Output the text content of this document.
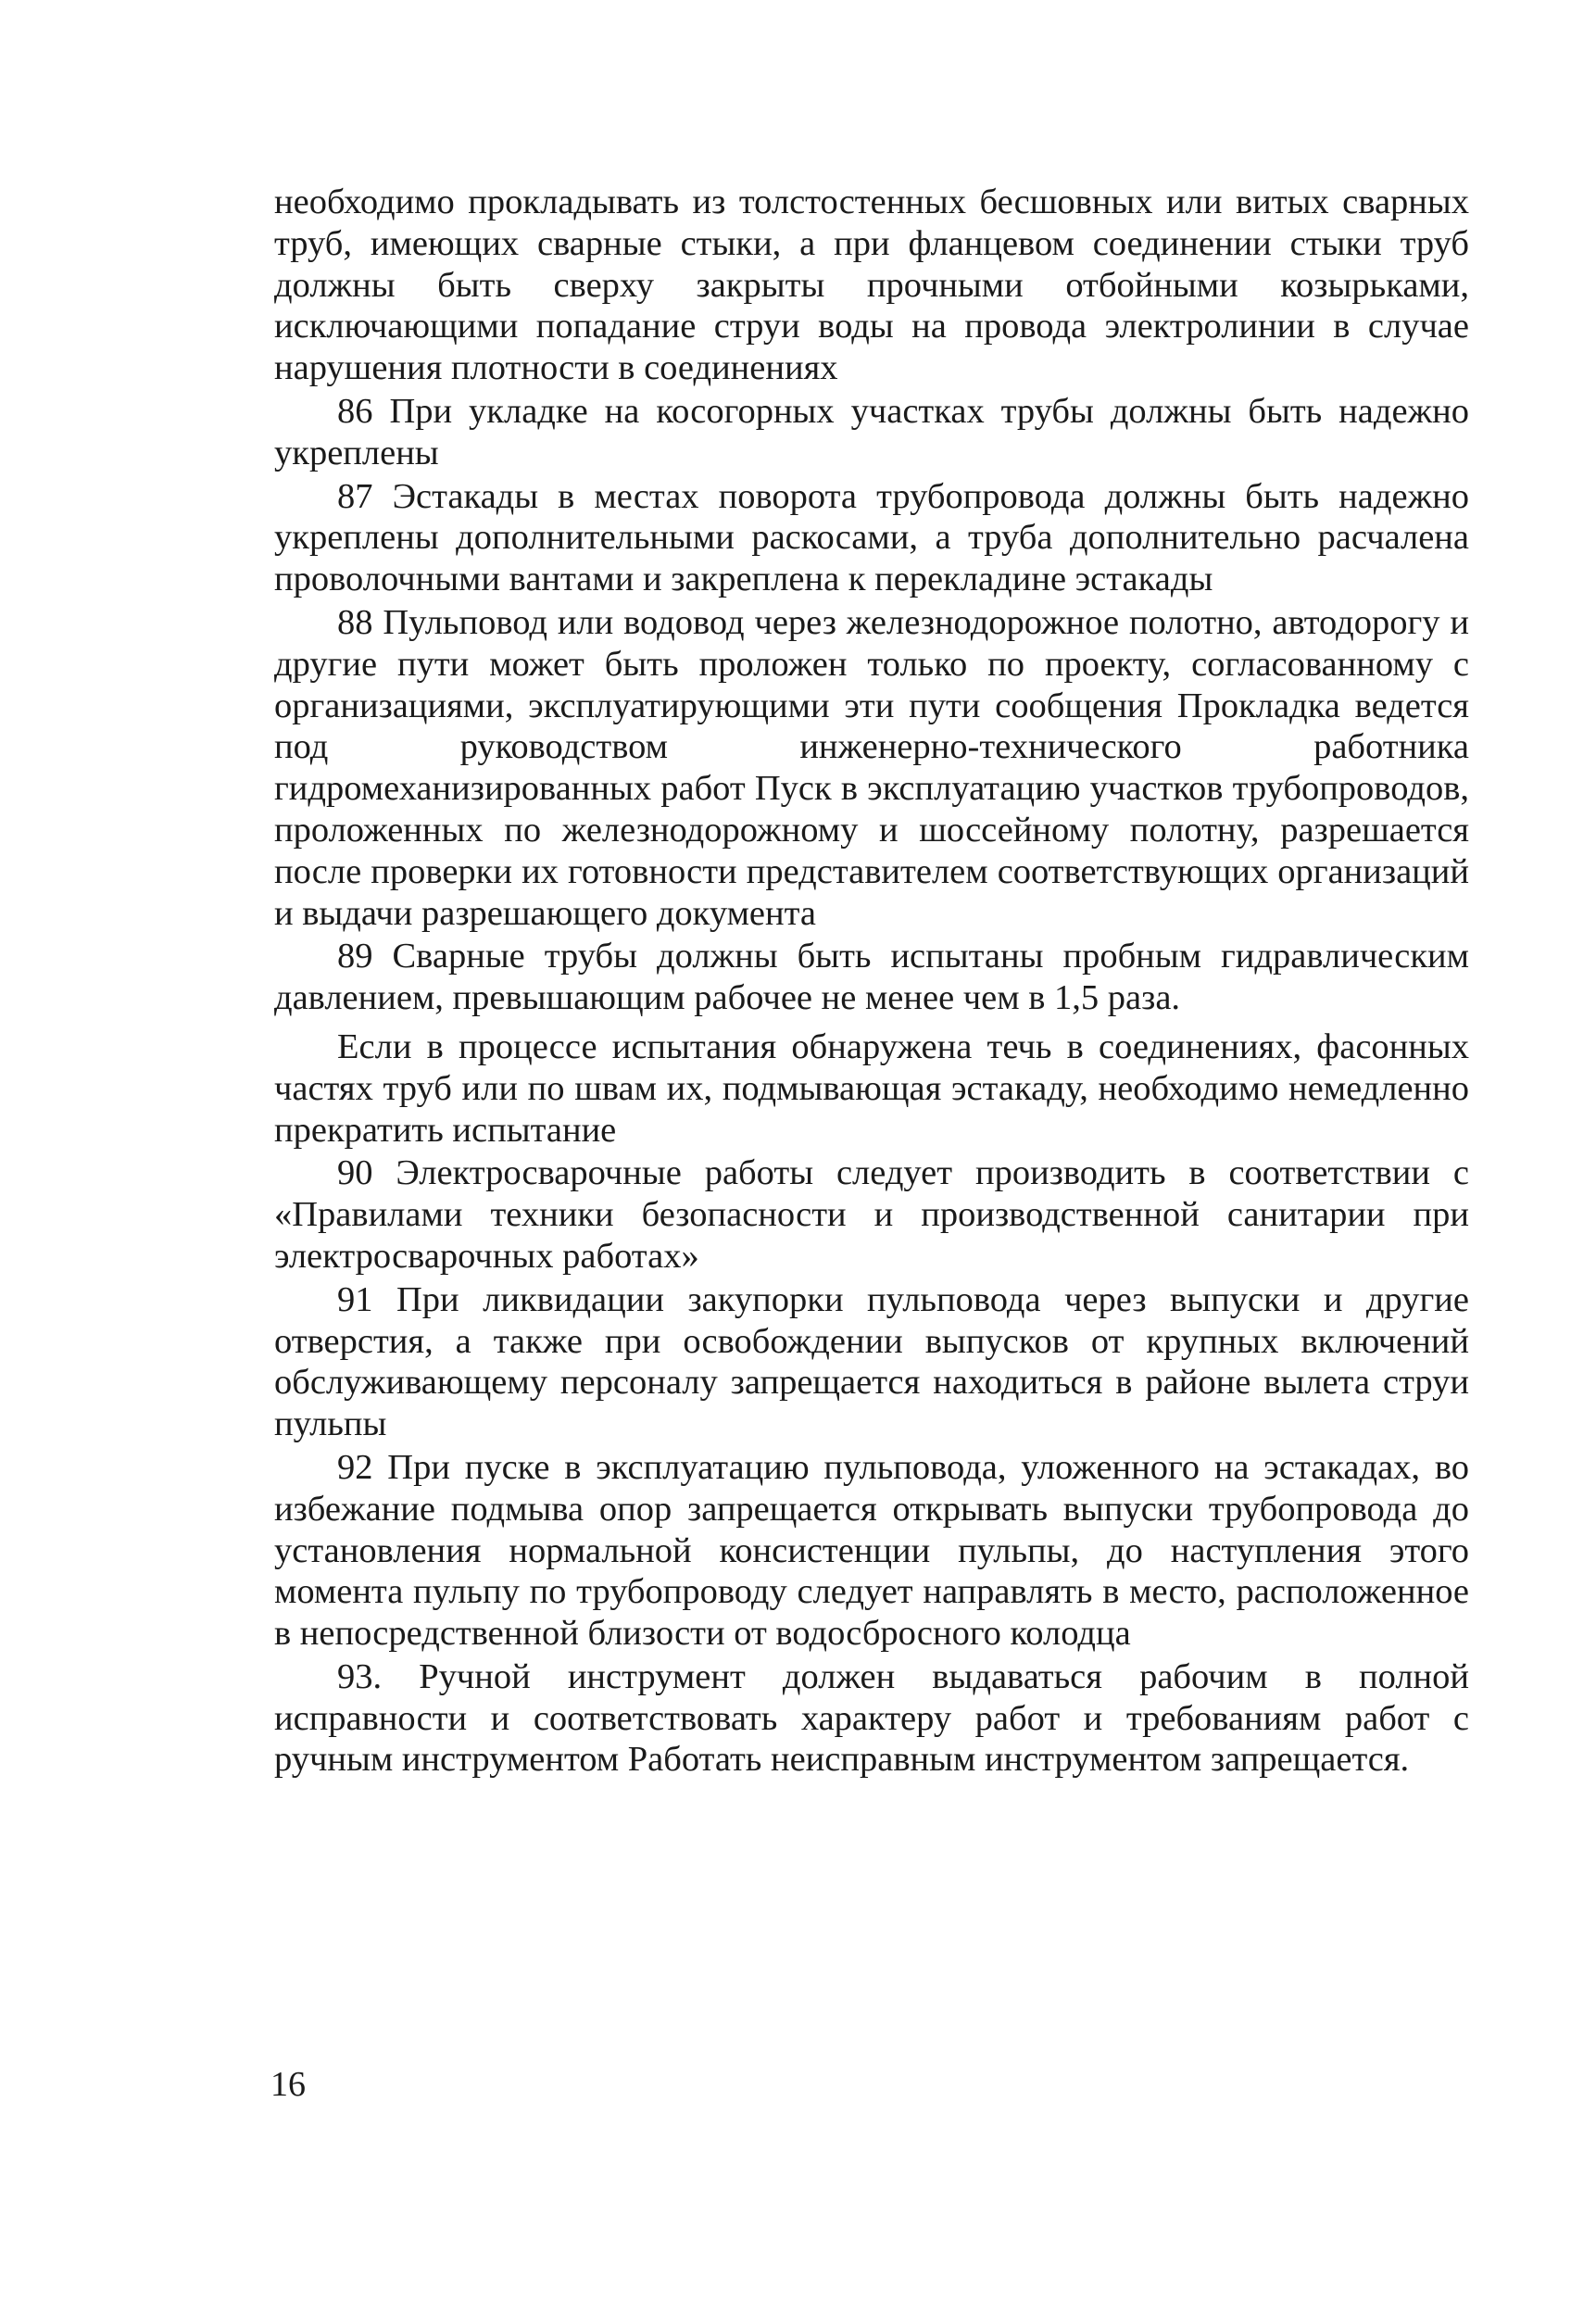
необходимо прокладывать из толстостенных бесшовных или витых сварных труб, имеющих сварные стыки, а при фланцевом соединении стыки труб должны быть сверху закрыты прочными отбойными козырьками, исключающими попадание струи воды на провода электролинии в случае нарушения плотности в соединениях

86 При укладке на косогорных участках трубы должны быть надежно укреплены

87 Эстакады в местах поворота трубопровода должны быть надежно укреплены дополнительными раскосами, а труба дополнительно расчалена проволочными вантами и закреплена к перекладине эстакады

88 Пульповод или водовод через железнодорожное полотно, автодорогу и другие пути может быть проложен только по проекту, согласованному с организациями, эксплуатирующими эти пути сообщения Прокладка ведется под руководством инженерно-технического работника гидромеханизированных работ Пуск в эксплуатацию участков трубопроводов, проложенных по железнодорожному и шоссейному полотну, разрешается после проверки их готовности представителем соответствующих организаций и выдачи разрешающего документа

89 Сварные трубы должны быть испытаны пробным гидравлическим давлением, превышающим рабочее не менее чем в 1,5 раза.

Если в процессе испытания обнаружена течь в соединениях, фасонных частях труб или по швам их, подмывающая эстакаду, необходимо немедленно прекратить испытание

90 Электросварочные работы следует производить в соответствии с «Правилами техники безопасности и производственной санитарии при электросварочных работах»

91 При ликвидации закупорки пульповода через выпуски и другие отверстия, а также при освобождении выпусков от крупных включений обслуживающему персоналу запрещается находиться в районе вылета струи пульпы

92 При пуске в эксплуатацию пульповода, уложенного на эстакадах, во избежание подмыва опор запрещается открывать выпуски трубопровода до установления нормальной консистенции пульпы, до наступления этого момента пульпу по трубопроводу следует направлять в место, расположенное в непосредственной близости от водосбросного колодца

93. Ручной инструмент должен выдаваться рабочим в полной исправности и соответствовать характеру работ и требованиям работ с ручным инструментом Работать неисправным инструментом запрещается.

16
